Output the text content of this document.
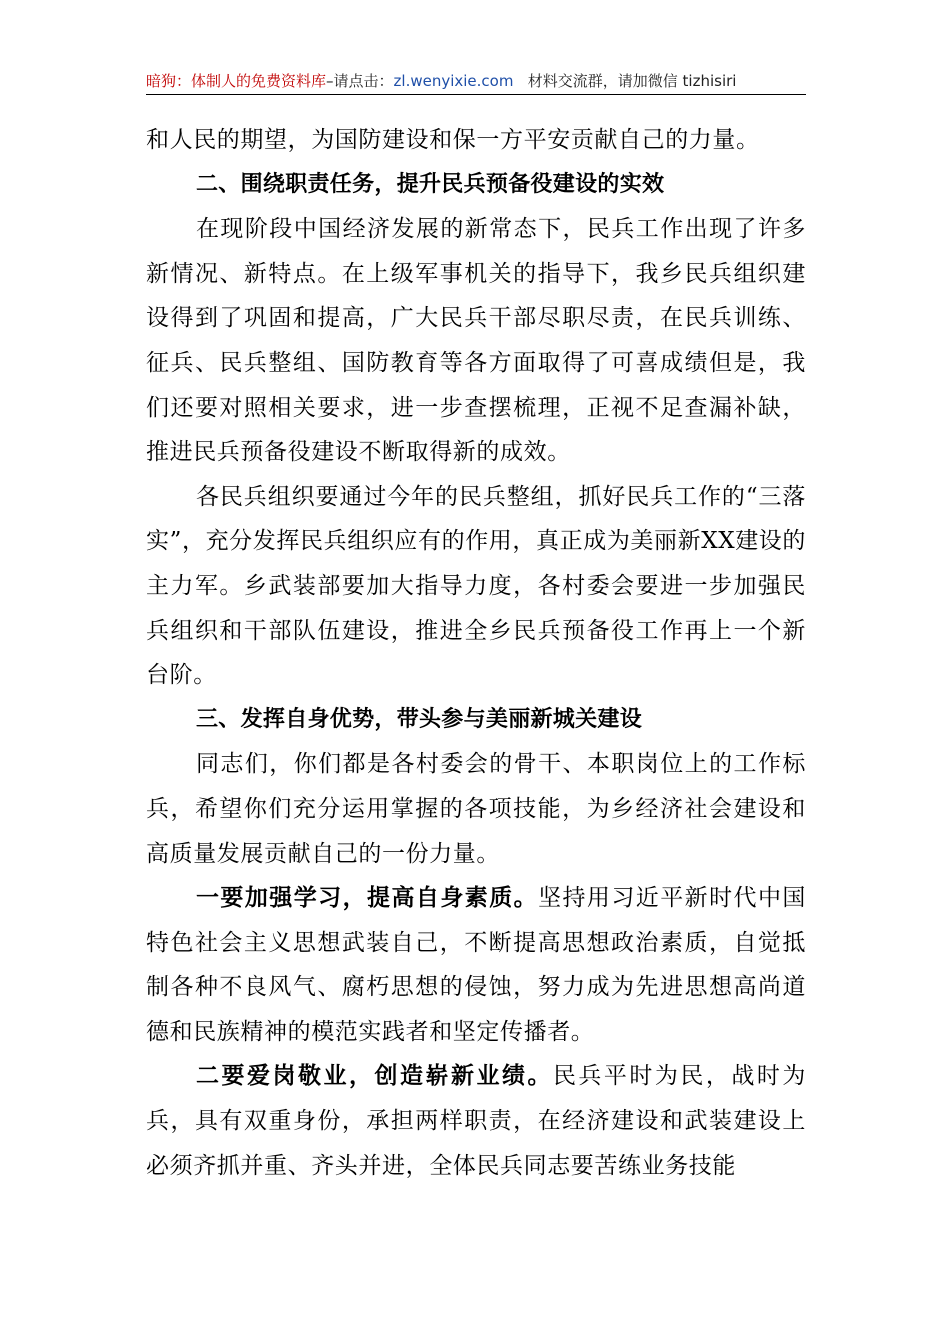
暗狗：体制人的免费资料库–请点击：zl.wenyixie.com 材料交流群，请加微信 tizhisiri

和人民的期望，为国防建设和保一方平安贡献自己的力量。

二、围绕职责任务，提升民兵预备役建设的实效

在现阶段中国经济发展的新常态下，民兵工作出现了许多新情况、新特点。在上级军事机关的指导下，我乡民兵组织建设得到了巩固和提高，广大民兵干部尽职尽责，在民兵训练、征兵、民兵整组、国防教育等各方面取得了可喜成绩但是，我们还要对照相关要求，进一步查摆梳理，正视不足查漏补缺，推进民兵预备役建设不断取得新的成效。

各民兵组织要通过今年的民兵整组，抓好民兵工作的“三落实”，充分发挥民兵组织应有的作用，真正成为美丽新XX建设的主力军。乡武装部要加大指导力度，各村委会要进一步加强民兵组织和干部队伍建设，推进全乡民兵预备役工作再上一个新台阶。

三、发挥自身优势，带头参与美丽新城关建设

同志们，你们都是各村委会的骨干、本职岗位上的工作标兵，希望你们充分运用掌握的各项技能，为乡经济社会建设和高质量发展贡献自己的一份力量。

一要加强学习，提高自身素质。坚持用习近平新时代中国特色社会主义思想武装自己，不断提高思想政治素质，自觉抵制各种不良风气、腐朽思想的侵蚀，努力成为先进思想高尚道德和民族精神的模范实践者和坚定传播者。

二要爱岗敬业，创造崭新业绩。民兵平时为民，战时为兵，具有双重身份，承担两样职责，在经济建设和武装建设上必须齐抓并重、齐头并进，全体民兵同志要苦练业务技能
